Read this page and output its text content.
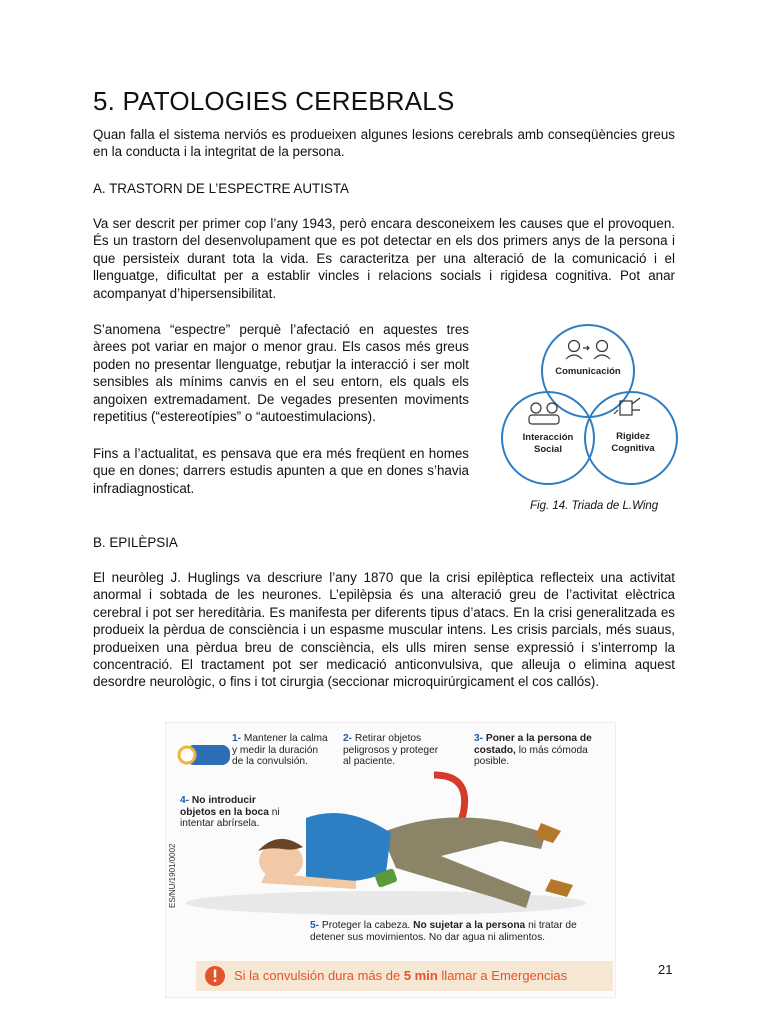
5. PATOLOGIES CEREBRALS
Quan falla el sistema nerviós es produeixen algunes lesions cerebrals amb conseqüències greus en la conducta i la integritat de la persona.
A. TRASTORN DE L’ESPECTRE AUTISTA
Va ser descrit per primer cop l’any 1943, però encara desconeixem les causes que el provoquen. És un trastorn del desenvolupament que es pot detectar en els dos primers anys de la persona i que persisteix durant tota la vida. Es caracteritza per una alteració de la comunicació i el llenguatge, dificultat per a establir vincles i relacions socials i rigidesa cognitiva. Pot anar acompanyat d’hipersensibilitat.
S’anomena “espectre” perquè l’afectació en aquestes tres àrees pot variar en major o menor grau. Els casos més greus poden no presentar llenguatge, rebutjar la interacció i ser molt sensibles als mínims canvis en el seu entorn, els quals els angoixen extremadament. De vegades presenten moviments repetitius (“estereotípies” o “autoestimulacions).
Fins a l’actualitat, es pensava que era més freqüent en homes que en dones; darrers estudis apunten a que en dones s’havia infradiagnosticat.
Comunicación
Interacción
Social
Rigidez
Cognitiva
Fig. 14. Triada de L.Wing
B. EPILÈPSIA
El neuròleg J. Huglings va descriure l’any 1870 que la crisi epilèptica reflecteix una activitat anormal i sobtada de les neurones. L’epilèpsia és una alteració greu de l’activitat elèctrica cerebral i pot ser hereditària. Es manifesta per diferents tipus d’atacs. En la crisi generalitzada es produeix la pèrdua de consciència i un espasme muscular intens. Les crisis parcials, més suaus, produeixen una pèrdua breu de consciència, els ulls miren sense expressió i s’interromp la concentració. El tractament pot ser medicació anticonvulsiva, que alleuja o elimina aquest desordre neurològic, o fins i tot cirurgia (seccionar microquirúrgicament el cos callós).
1- Mantener la calma y medir la duración de la convulsión.
2- Retirar objetos peligrosos y proteger al paciente.
3- Poner a la persona de costado, lo más cómoda posible.
4- No introducir objetos en la boca ni intentar abrírsela.
5- Proteger la cabeza. No sujetar a la persona ni tratar de detener sus movimientos. No dar agua ni alimentos.
Si la convulsión dura más de 5 min llamar a Emergencias
ES/NU/1901/0002
21
